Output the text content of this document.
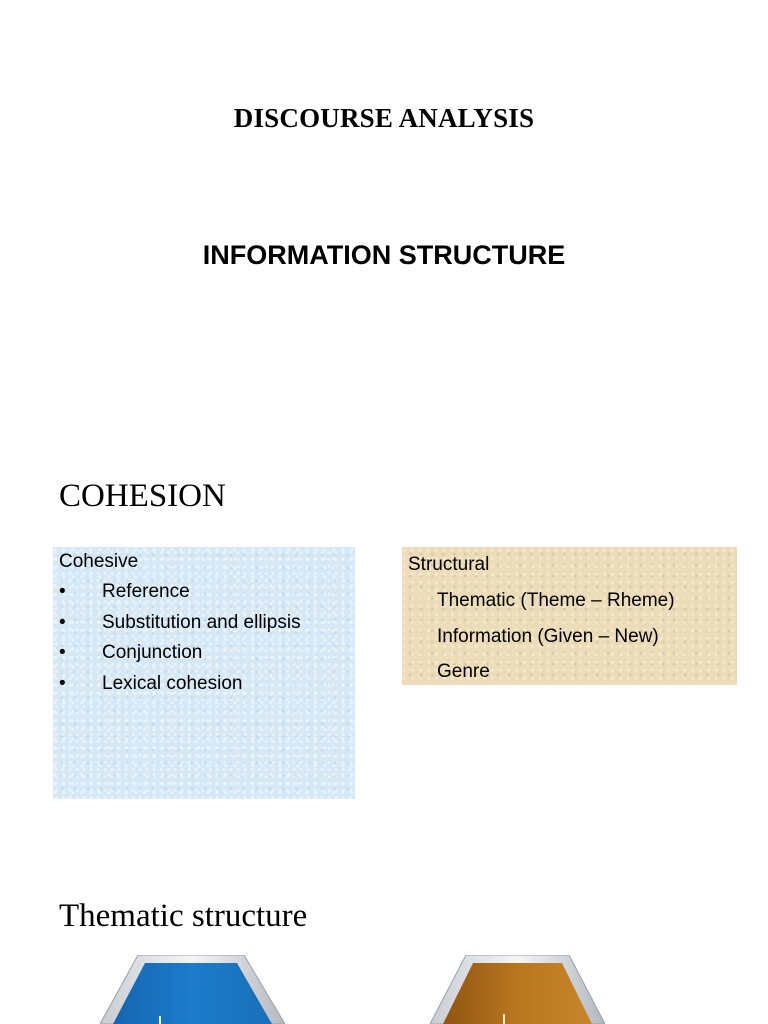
DISCOURSE ANALYSIS
INFORMATION STRUCTURE
COHESION
Cohesive
• Reference
• Substitution and ellipsis
• Conjunction
• Lexical cohesion
Structural
Thematic (Theme – Rheme)
Information (Given – New)
Genre
Thematic structure
